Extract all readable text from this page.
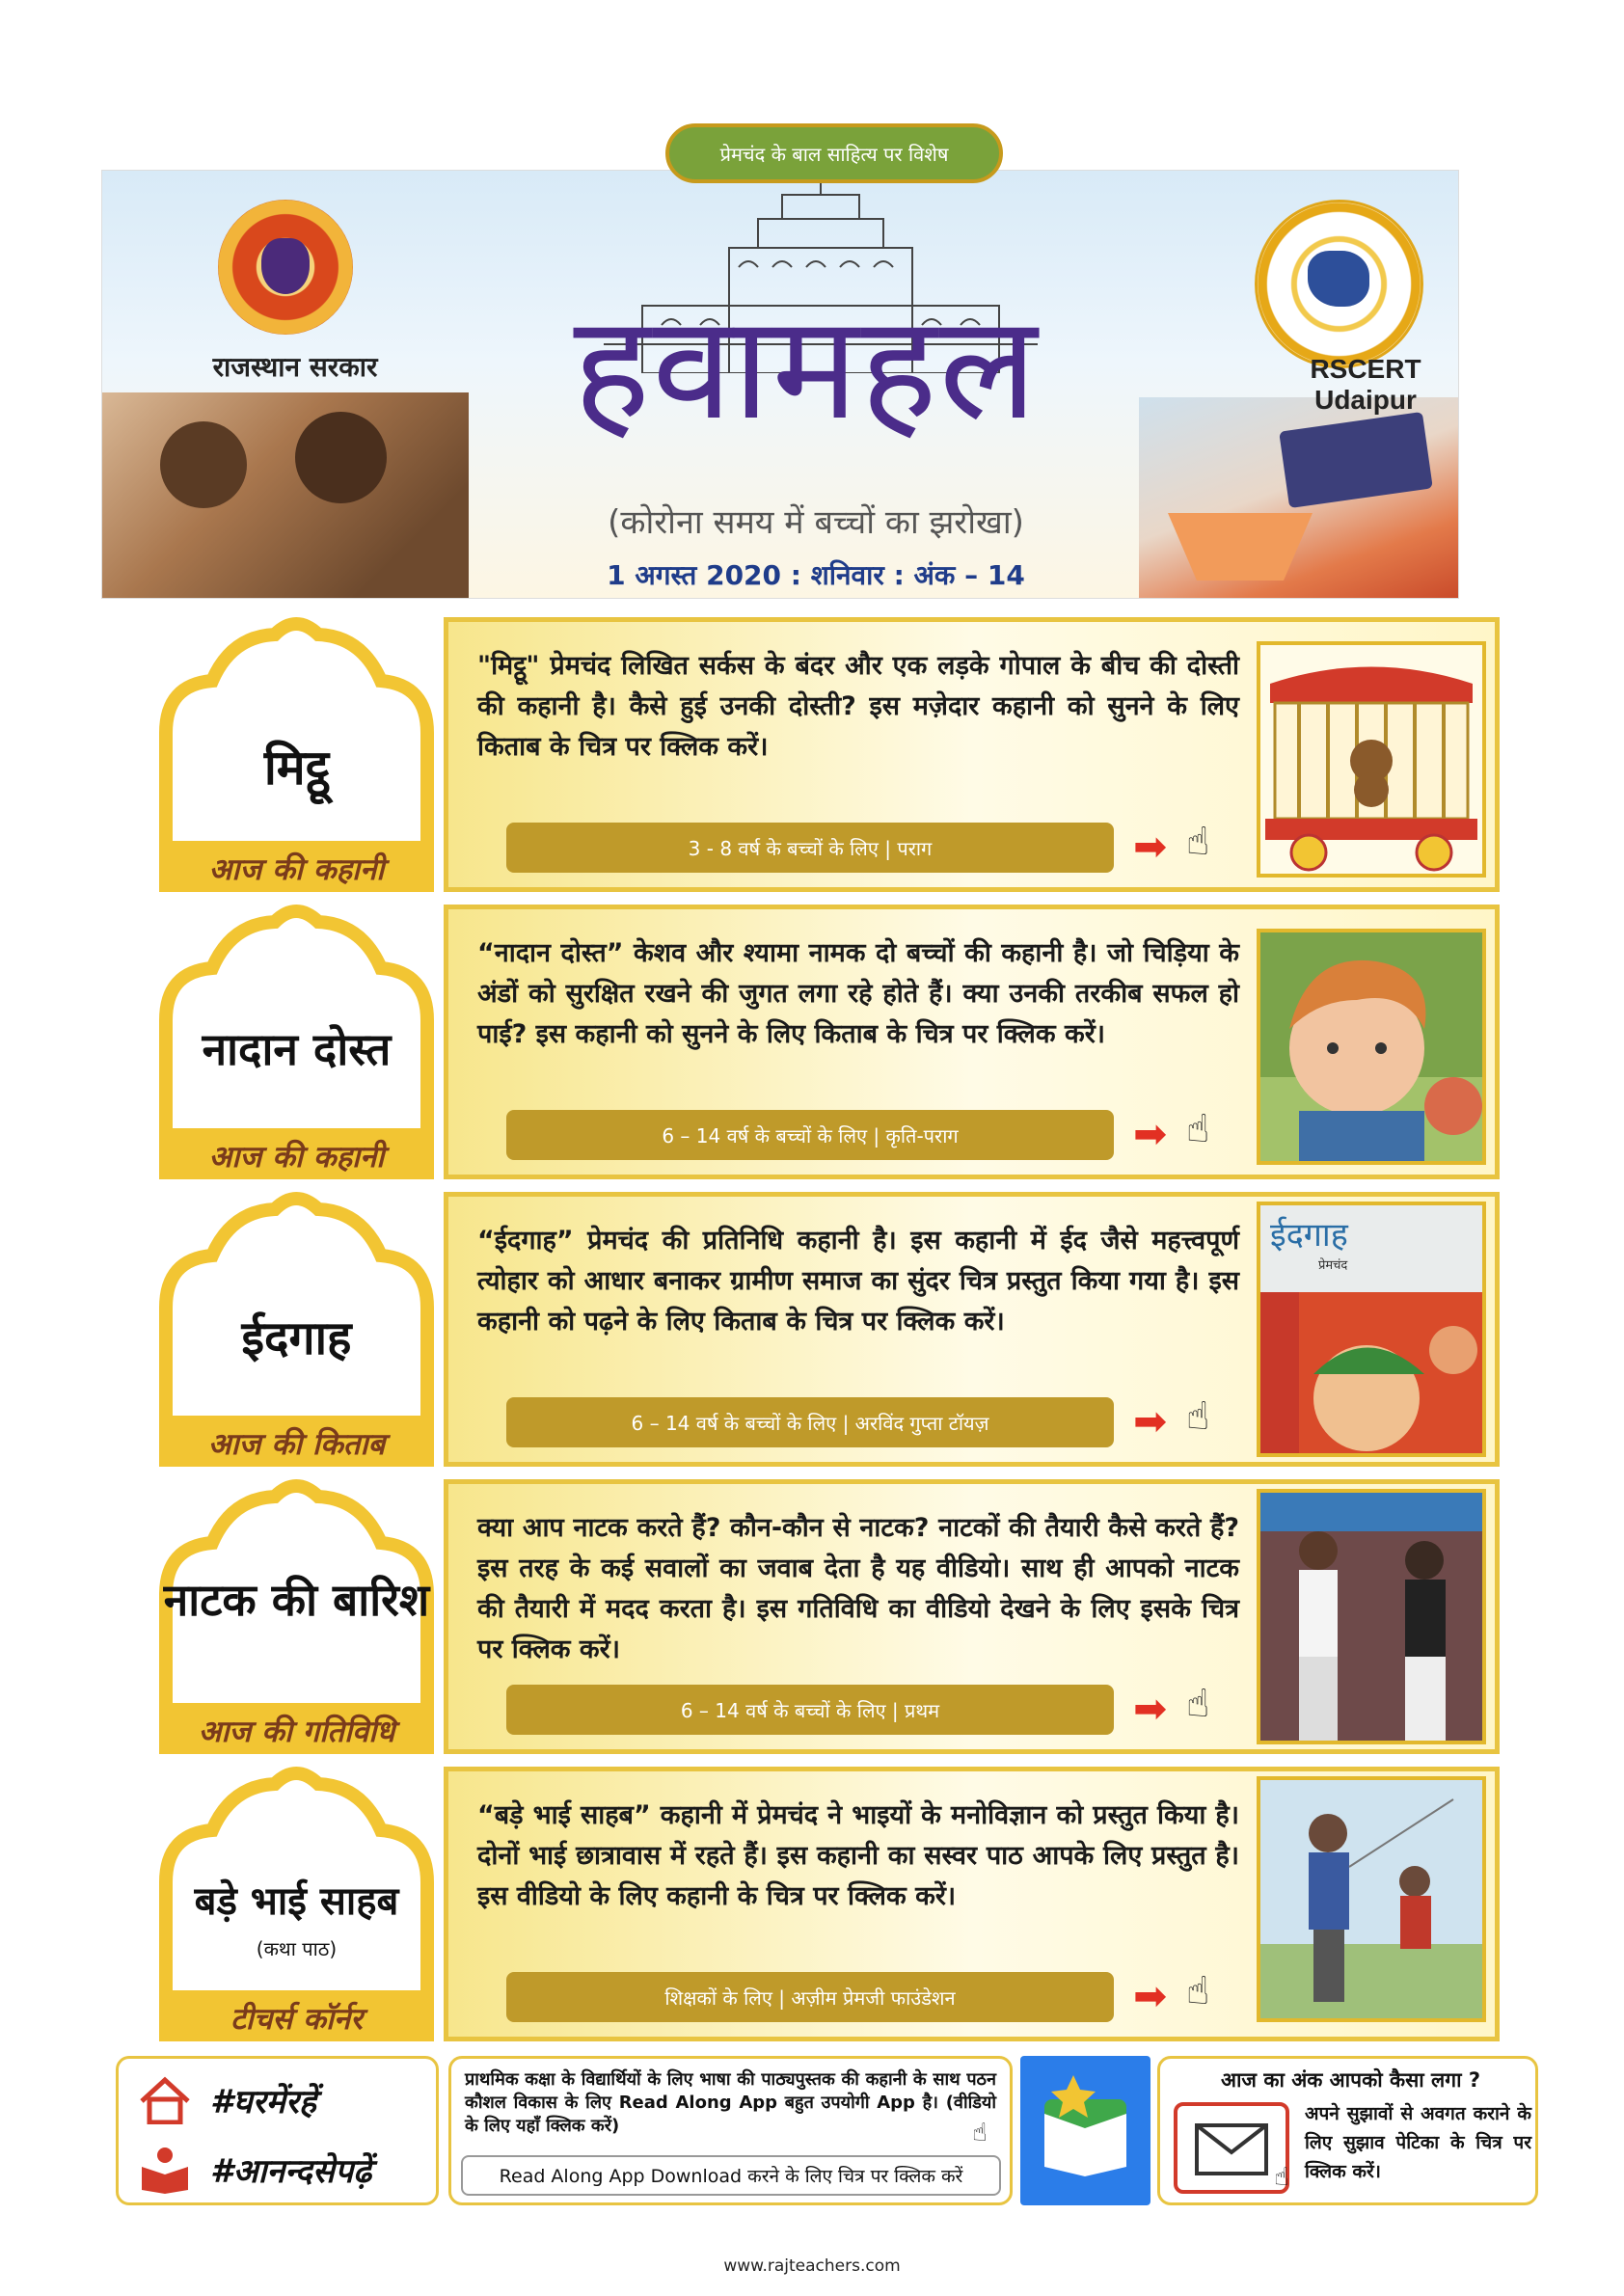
प्रेमचंद के बाल साहित्य पर विशेष
राजस्थान सरकार	RSCERT Udaipur
हवामहल
(कोरोना समय में बच्चों का झरोखा)
1 अगस्त 2020 : शनिवार : अंक – 14
मिट्ठू
आज की कहानी
"मिट्ठू" प्रेमचंद लिखित सर्कस के बंदर और एक लड़के गोपाल के बीच की दोस्ती की कहानी है। कैसे हुई उनकी दोस्ती? इस मज़ेदार कहानी को सुनने के लिए किताब के चित्र पर क्लिक करें।
3 - 8 वर्ष के बच्चों के लिए | पराग	➡ ☝
नादान दोस्त
आज की कहानी
“नादान दोस्त” केशव और श्यामा नामक दो बच्चों की कहानी है। जो चिड़िया के अंडों को सुरक्षित रखने की जुगत लगा रहे होते हैं। क्या उनकी तरकीब सफल हो पाई? इस कहानी को सुनने के लिए किताब के चित्र पर क्लिक करें।
6 – 14 वर्ष के बच्चों के लिए | कृति-पराग	➡ ☝
ईदगाह
आज की किताब
“ईदगाह” प्रेमचंद की प्रतिनिधि कहानी है। इस कहानी में ईद जैसे महत्त्वपूर्ण त्योहार को आधार बनाकर ग्रामीण समाज का सुंदर चित्र प्रस्तुत किया गया है। इस कहानी को पढ़ने के लिए किताब के चित्र पर क्लिक करें।
6 – 14 वर्ष के बच्चों के लिए | अरविंद गुप्ता टॉयज़	➡ ☝
ईदगाह
प्रेमचंद
नाटक की बारिश
आज की गतिविधि
क्या आप नाटक करते हैं? कौन-कौन से नाटक? नाटकों की तैयारी कैसे करते हैं? इस तरह के कई सवालों का जवाब देता है यह वीडियो। साथ ही आपको नाटक की तैयारी में मदद करता है। इस गतिविधि का वीडियो देखने के लिए इसके चित्र पर क्लिक करें।
6 – 14 वर्ष के बच्चों के लिए | प्रथम	➡ ☝
बड़े भाई साहब
(कथा पाठ)
टीचर्स कॉर्नर
“बड़े भाई साहब” कहानी में प्रेमचंद ने भाइयों के मनोविज्ञान को प्रस्तुत किया है। दोनों भाई छात्रावास में रहते हैं। इस कहानी का सस्वर पाठ आपके लिए प्रस्तुत है। इस वीडियो के लिए कहानी के चित्र पर क्लिक करें।
शिक्षकों के लिए | अज़ीम प्रेमजी फाउंडेशन	➡ ☝
#घरमेंरहें
#आनन्दसेपढ़ें
प्राथमिक कक्षा के विद्यार्थियों के लिए भाषा की पाठ्यपुस्तक की कहानी के साथ पठन कौशल विकास के लिए Read Along App बहुत उपयोगी App है। (वीडियो के लिए यहाँ क्लिक करें)	☝
Read Along App Download करने के लिए चित्र पर क्लिक करें
आज का अंक आपको कैसा लगा ?
☝
अपने सुझावों से अवगत कराने के लिए सुझाव पेटिका के चित्र पर क्लिक करें।
www.rajteachers.com
